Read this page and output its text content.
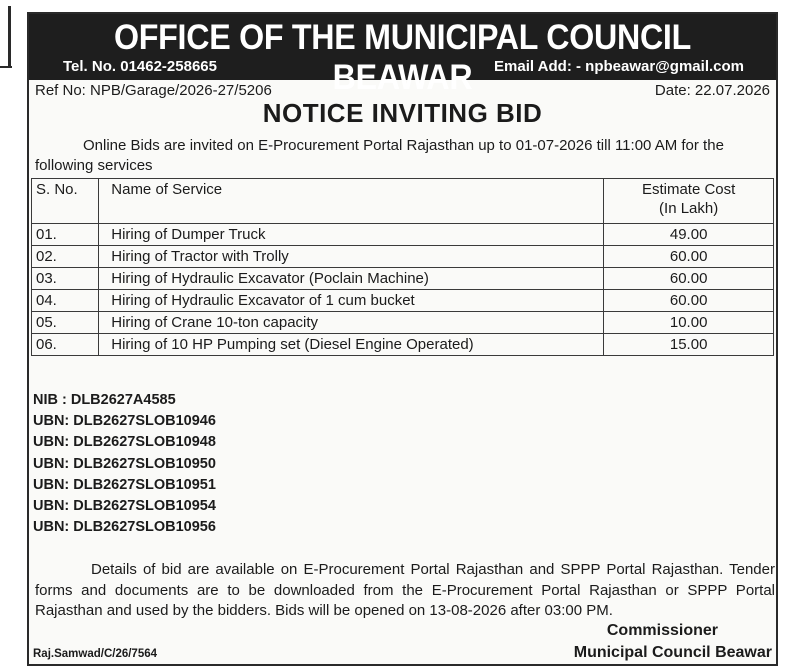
OFFICE OF THE MUNICIPAL COUNCIL BEAWAR
Tel. No. 01462-258665	Email Add: - npbeawar@gmail.com
Ref No: NPB/Garage/2026-27/5206	Date: 22.07.2026
NOTICE INVITING BID
Online Bids are invited on E-Procurement Portal Rajasthan up to 01-07-2026 till 11:00 AM for the following services
S. No.	Name of Service	Estimate Cost
(In Lakh)

01.	Hiring of Dumper Truck	49.00
02.	Hiring of Tractor with Trolly	60.00
03.	Hiring of Hydraulic Excavator (Poclain Machine)	60.00
04.	Hiring of Hydraulic Excavator of 1 cum bucket	60.00
05.	Hiring of Crane 10-ton capacity	10.00
06.	Hiring of 10 HP Pumping set (Diesel Engine Operated)	15.00
NIB : DLB2627A4585
UBN: DLB2627SLOB10946
UBN: DLB2627SLOB10948
UBN: DLB2627SLOB10950
UBN: DLB2627SLOB10951
UBN: DLB2627SLOB10954
UBN: DLB2627SLOB10956
Details of bid are available on E-Procurement Portal Rajasthan and SPPP Portal Rajasthan. Tender forms and documents are to be downloaded from the E-Procurement Portal Rajasthan or SPPP Portal Rajasthan and used by the bidders. Bids will be opened on 13-08-2026 after 03:00 PM.
Commissioner
Municipal Council Beawar
Raj.Samwad/C/26/7564
